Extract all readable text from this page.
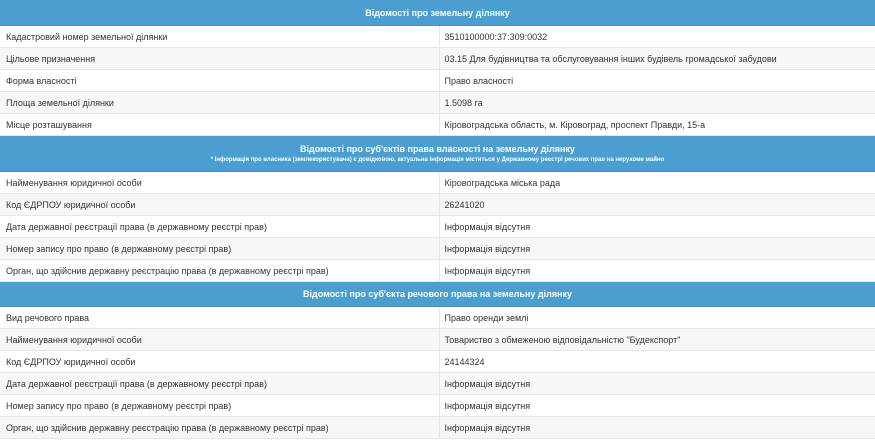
Відомості про земельну ділянку	
Кадастровий номер земельної ділянки	3510100000:37:309:0032
Цільове призначення	03.15 Для будівництва та обслуговування інших будівель громадської забудови
Форма власності	Право власності
Площа земельної ділянки	1.5098 га
Місце розташування	Кіровоградська область, м. Кіровоград, проспект Правди, 15-а

Відомості про суб'єктів права власності на земельну ділянку
* Інформація про власника (землекористувача) є довідковою, актуальна інформація міститься у Державному реєстрі речових прав на нерухоме майно	

Найменування юридичної особи	Кіровоградська міська рада
Код ЄДРПОУ юридичної особи	26241020
Дата державної реєстрації права (в державному реєстрі прав)	Інформація відсутня
Номер запису про право (в державному реєстрі прав)	Інформація відсутня
Орган, що здійснив державну реєстрацію права (в державному реєстрі прав)	Інформація відсутня
Відомості про суб'єкта речового права на земельну ділянку	
Вид речового права	Право оренди землі
Найменування юридичної особи	Товариство з обмеженою відповідальністю "Будекспорт"
Код ЄДРПОУ юридичної особи	24144324
Дата державної реєстрації права (в державному реєстрі прав)	Інформація відсутня
Номер запису про право (в державному реєстрі прав)	Інформація відсутня
Орган, що здійснив державну реєстрацію права (в державному реєстрі прав)	Інформація відсутня
